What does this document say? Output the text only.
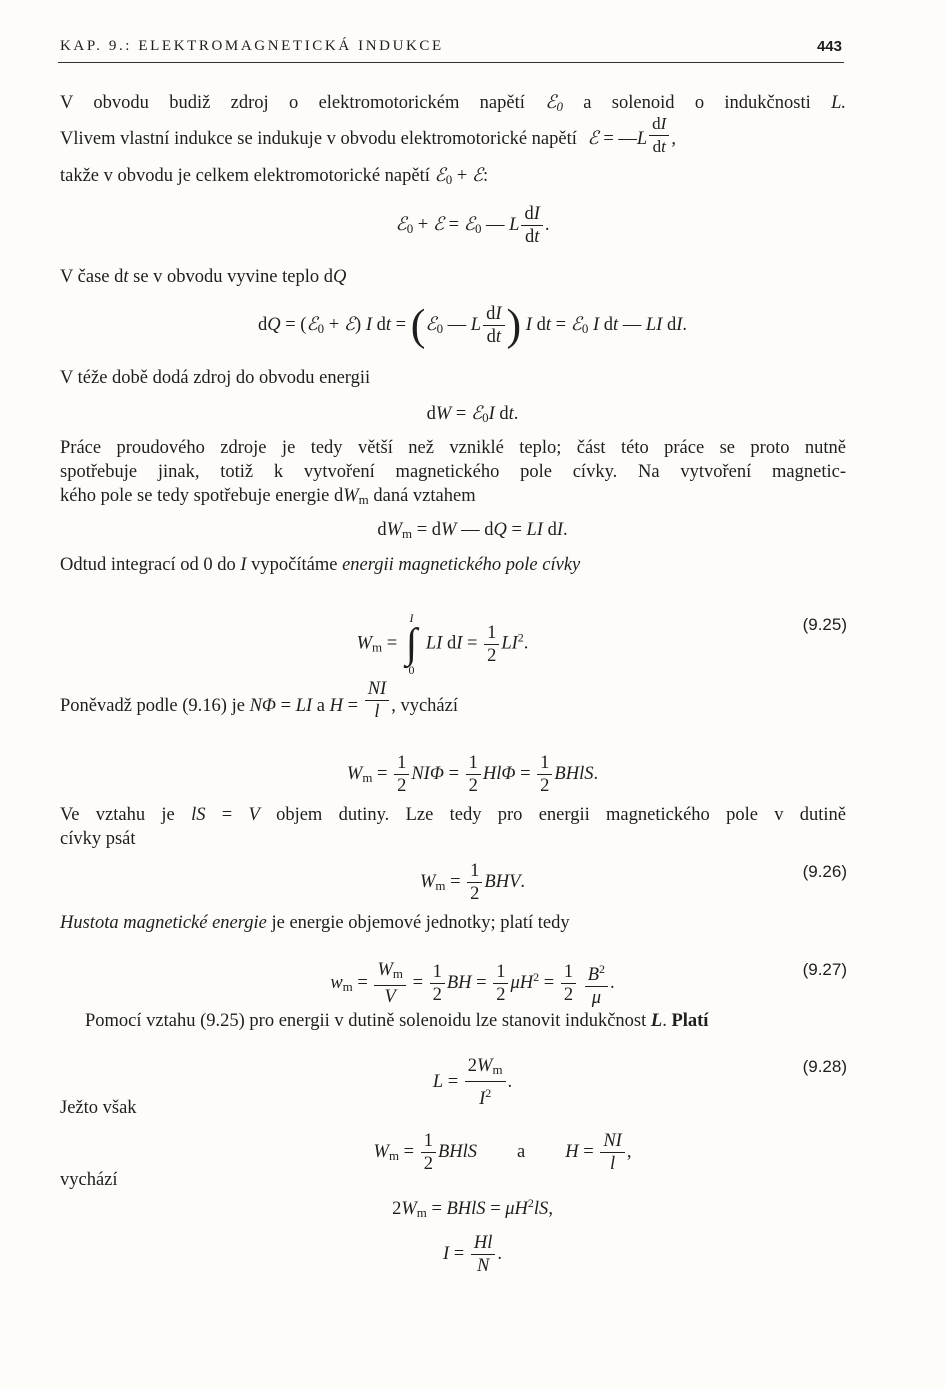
KAP. 9.: ELEKTROMAGNETICKÁ INDUKCE	443
V obvodu budiž zdroj o elektromotorickém napětí ℰ$_0$ a solenoid o indukčnosti L.
Vlivem vlastní indukce se indukuje v obvodu elektromotorické napětí ℰ = —L $\frac{dI}{dt}$ ,
takže v obvodu je celkem elektromotorické napětí ℰ$_0$ + ℰ:
ℰ$_0$ + ℰ = ℰ$_0$ — L $\frac{dI}{dt}$ .
V čase dt se v obvodu vyvine teplo dQ
dQ = (ℰ$_0$ + ℰ) I dt = (ℰ$_0$ — L $\frac{dI}{dt}$ ) I dt = ℰ$_0$ I dt — LI dI.
V téže době dodá zdroj do obvodu energii
dW = ℰ$_0$I dt.
Práce proudového zdroje je tedy větší než vzniklé teplo; část této práce se proto nutně
spotřebuje jinak, totiž k vytvoření magnetického pole cívky. Na vytvoření magnetic-
kého pole se tedy spotřebuje energie $dW_m$ daná vztahem
$dW_m$ = dW — dQ = LI dI.
Odtud integrací od 0 do I vypočítáme energii magnetického pole cívky
$W_m$ =
I
∫
0
LI dI = $\frac{1}{2} LI^2$.
(9.25)
Poněvadž podle (9.16) je NΦ = LI a $H = \frac{NI}{l}$ , vychází
$W_m = \frac{1}{2}$ $NI\Phi = \frac{1}{2}$ $Hl\Phi = \frac{1}{2}$ BHlS.
Ve vztahu je lS = V objem dutiny. Lze tedy pro energii magnetického pole v dutině
cívky psát
$W_m = \frac{1}{2}$ BHV.
(9.26)
Hustota magnetické energie je energie objemové jednotky; platí tedy
$w_m = \frac{W_m}{V} = \frac{1}{2}$ BH = $\frac{1}{2} \mu H^2 = \frac{1}{2}$
$\frac{B^2}{\mu}$ .
(9.27)
Pomocí vztahu (9.25) pro energii v dutině solenoidu lze stanovit indukčnost L. Platí
$L = \frac{2W_m}{I^2}$ .
(9.28)
Ježto však
$W_m = \frac{1}{2}$ BHlS a $H = \frac{NI}{l}$ ,
vychází
$2W_m$ = BHlS = $\mu H^2lS$,
$I = \frac{Hl}{N}$ .
